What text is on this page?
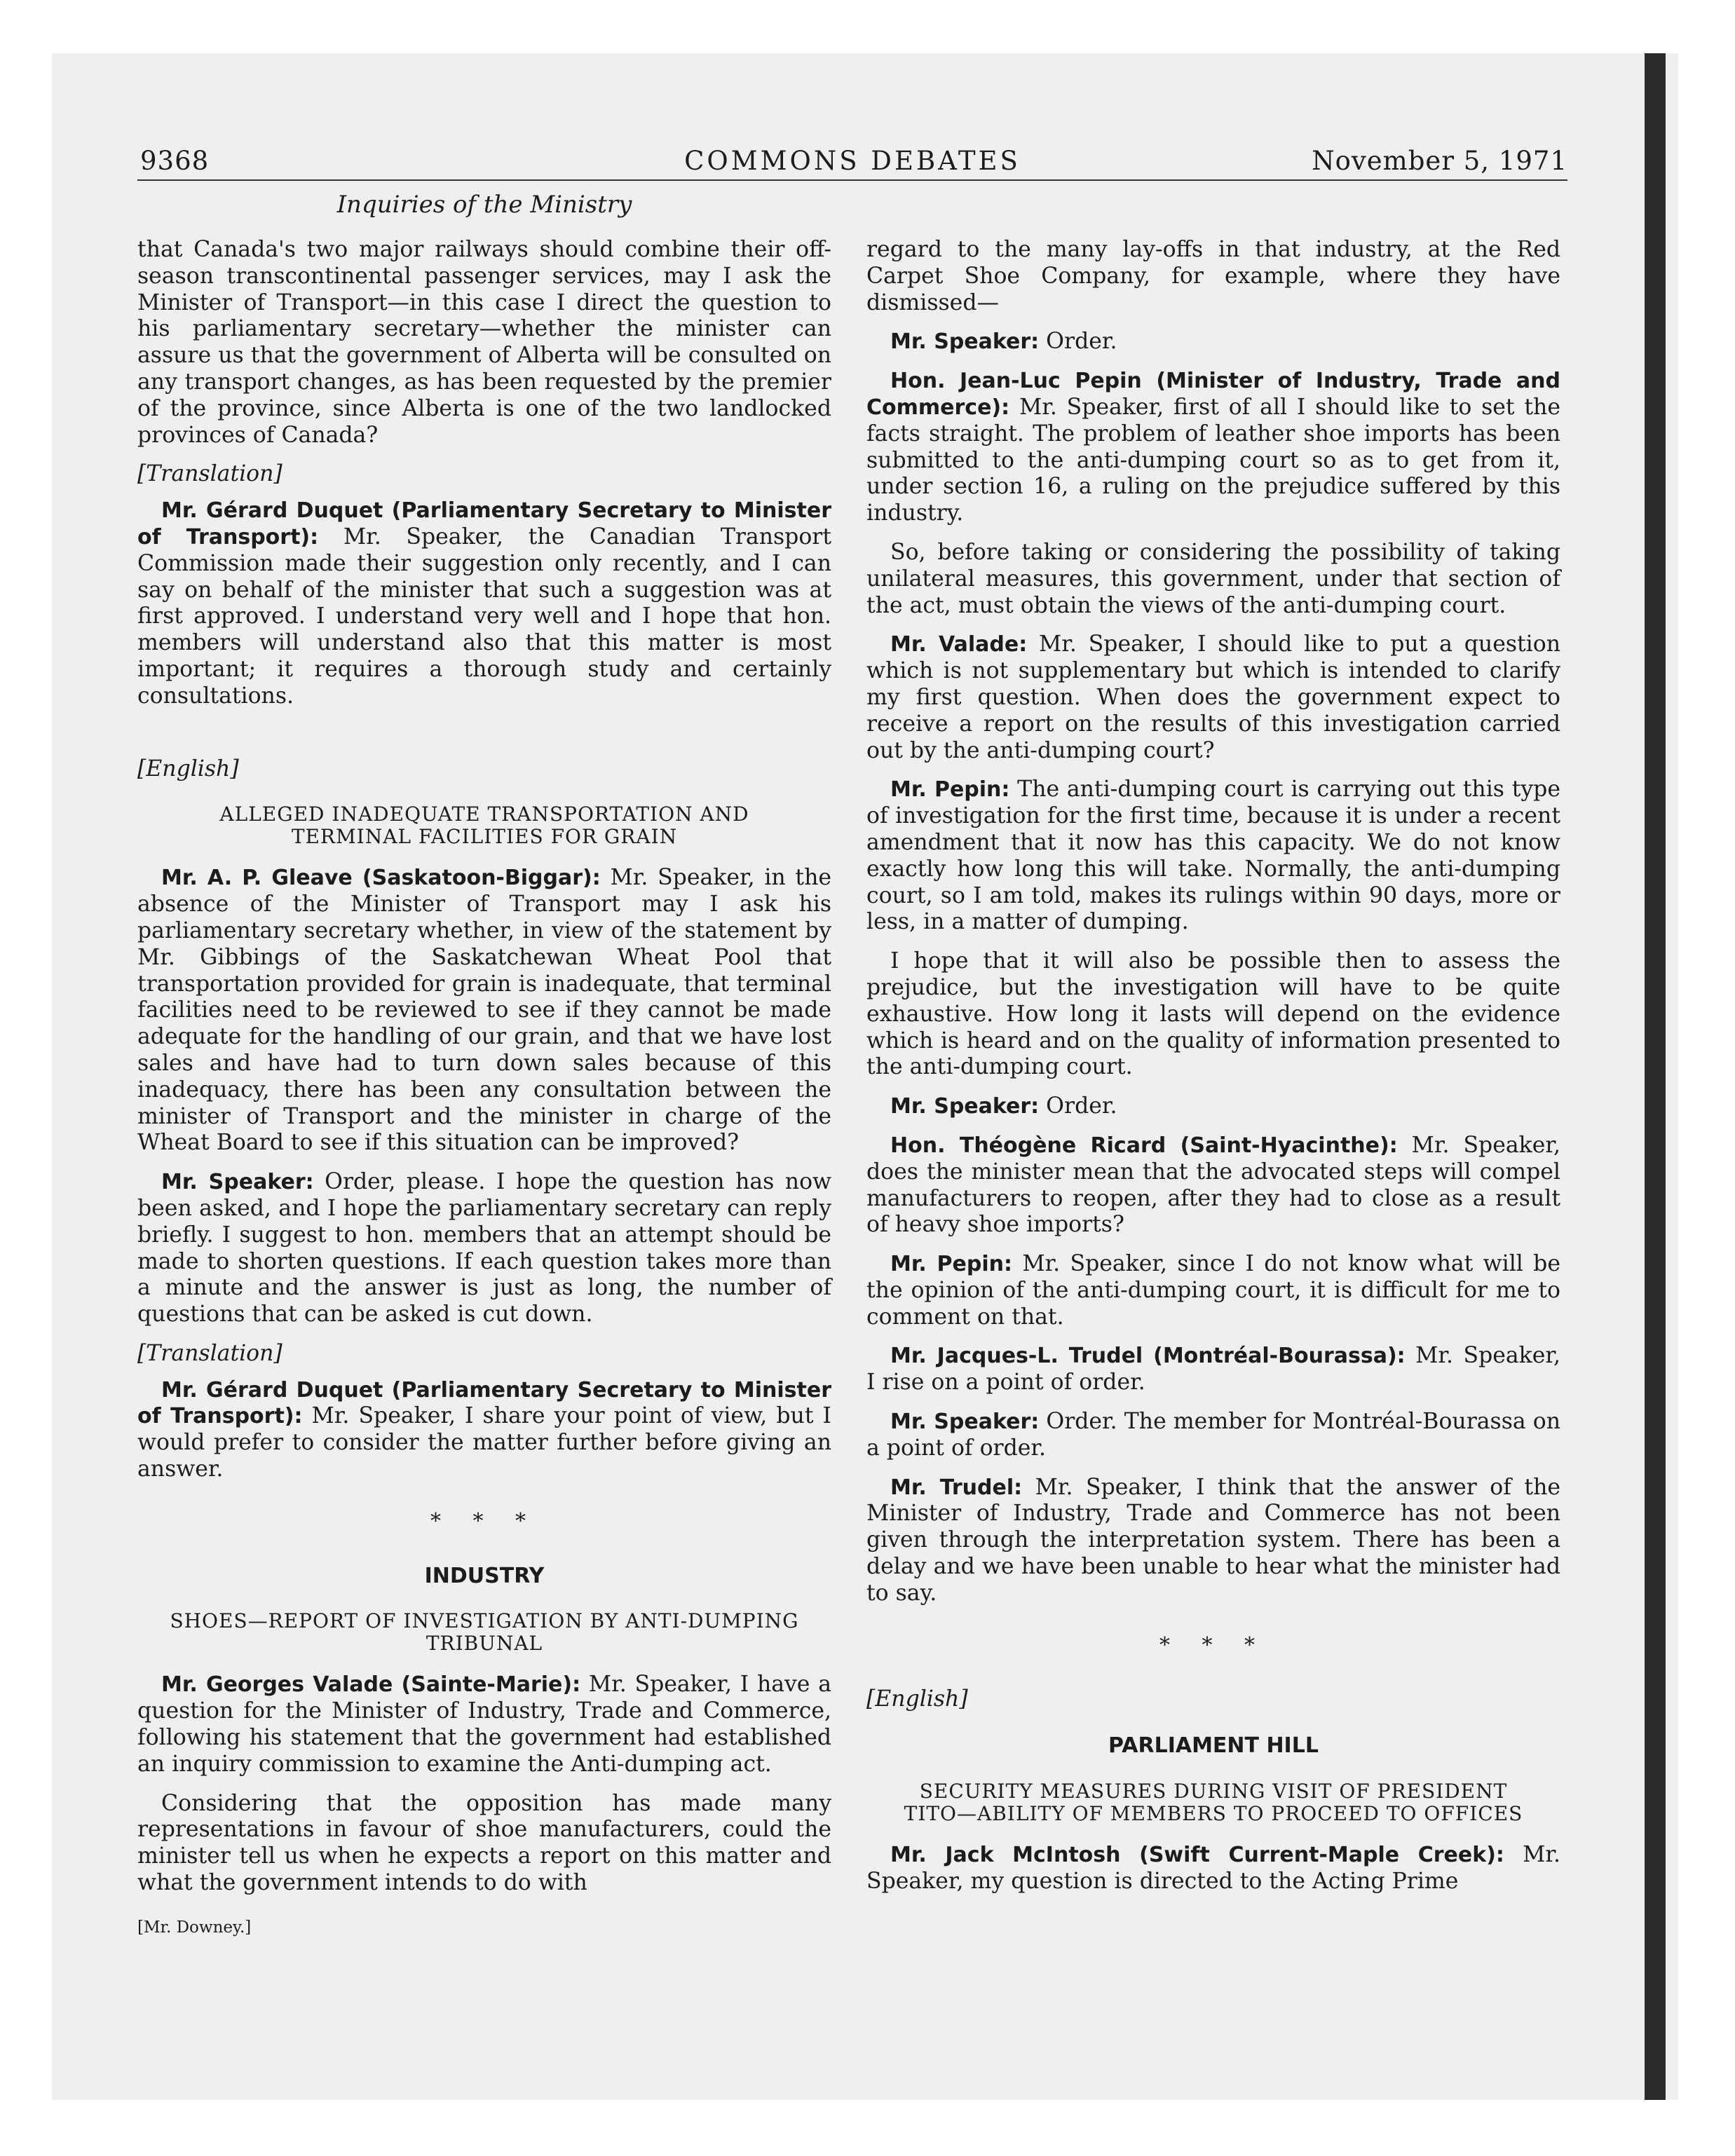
9368	COMMONS DEBATES	November 5, 1971
Inquiries of the Ministry

that Canada's two major railways should combine their off-season transcontinental passenger services, may I ask the Minister of Transport—in this case I direct the question to his parliamentary secretary—whether the minister can assure us that the government of Alberta will be consulted on any transport changes, as has been requested by the premier of the province, since Alberta is one of the two landlocked provinces of Canada?

[Translation]

Mr. Gérard Duquet (Parliamentary Secretary to Minister of Transport): Mr. Speaker, the Canadian Transport Commission made their suggestion only recently, and I can say on behalf of the minister that such a suggestion was at first approved. I understand very well and I hope that hon. members will understand also that this matter is most important; it requires a thorough study and certainly consultations.

[English]
ALLEGED INADEQUATE TRANSPORTATION AND TERMINAL FACILITIES FOR GRAIN

Mr. A. P. Gleave (Saskatoon-Biggar): Mr. Speaker, in the absence of the Minister of Transport may I ask his parliamentary secretary whether, in view of the statement by Mr. Gibbings of the Saskatchewan Wheat Pool that transportation provided for grain is inadequate, that terminal facilities need to be reviewed to see if they cannot be made adequate for the handling of our grain, and that we have lost sales and have had to turn down sales because of this inadequacy, there has been any consultation between the minister of Transport and the minister in charge of the Wheat Board to see if this situation can be improved?

Mr. Speaker: Order, please. I hope the question has now been asked, and I hope the parliamentary secretary can reply briefly. I suggest to hon. members that an attempt should be made to shorten questions. If each question takes more than a minute and the answer is just as long, the number of questions that can be asked is cut down.

[Translation]

Mr. Gérard Duquet (Parliamentary Secretary to Minister of Transport): Mr. Speaker, I share your point of view, but I would prefer to consider the matter further before giving an answer.

* * *
INDUSTRY
SHOES—REPORT OF INVESTIGATION BY ANTI-DUMPING TRIBUNAL

Mr. Georges Valade (Sainte-Marie): Mr. Speaker, I have a question for the Minister of Industry, Trade and Commerce, following his statement that the government had established an inquiry commission to examine the Anti-dumping act.

Considering that the opposition has made many representations in favour of shoe manufacturers, could the minister tell us when he expects a report on this matter and what the government intends to do with

[Mr. Downey.]

regard to the many lay-offs in that industry, at the Red Carpet Shoe Company, for example, where they have dismissed—

Mr. Speaker: Order.

Hon. Jean-Luc Pepin (Minister of Industry, Trade and Commerce): Mr. Speaker, first of all I should like to set the facts straight. The problem of leather shoe imports has been submitted to the anti-dumping court so as to get from it, under section 16, a ruling on the prejudice suffered by this industry.

So, before taking or considering the possibility of taking unilateral measures, this government, under that section of the act, must obtain the views of the anti-dumping court.

Mr. Valade: Mr. Speaker, I should like to put a question which is not supplementary but which is intended to clarify my first question. When does the government expect to receive a report on the results of this investigation carried out by the anti-dumping court?

Mr. Pepin: The anti-dumping court is carrying out this type of investigation for the first time, because it is under a recent amendment that it now has this capacity. We do not know exactly how long this will take. Normally, the anti-dumping court, so I am told, makes its rulings within 90 days, more or less, in a matter of dumping.

I hope that it will also be possible then to assess the prejudice, but the investigation will have to be quite exhaustive. How long it lasts will depend on the evidence which is heard and on the quality of information presented to the anti-dumping court.

Mr. Speaker: Order.

Hon. Théogène Ricard (Saint-Hyacinthe): Mr. Speaker, does the minister mean that the advocated steps will compel manufacturers to reopen, after they had to close as a result of heavy shoe imports?

Mr. Pepin: Mr. Speaker, since I do not know what will be the opinion of the anti-dumping court, it is difficult for me to comment on that.

Mr. Jacques-L. Trudel (Montréal-Bourassa): Mr. Speaker, I rise on a point of order.

Mr. Speaker: Order. The member for Montréal-Bourassa on a point of order.

Mr. Trudel: Mr. Speaker, I think that the answer of the Minister of Industry, Trade and Commerce has not been given through the interpretation system. There has been a delay and we have been unable to hear what the minister had to say.

* * *
[English]
PARLIAMENT HILL
SECURITY MEASURES DURING VISIT OF PRESIDENT TITO—ABILITY OF MEMBERS TO PROCEED TO OFFICES

Mr. Jack McIntosh (Swift Current-Maple Creek): Mr. Speaker, my question is directed to the Acting Prime
